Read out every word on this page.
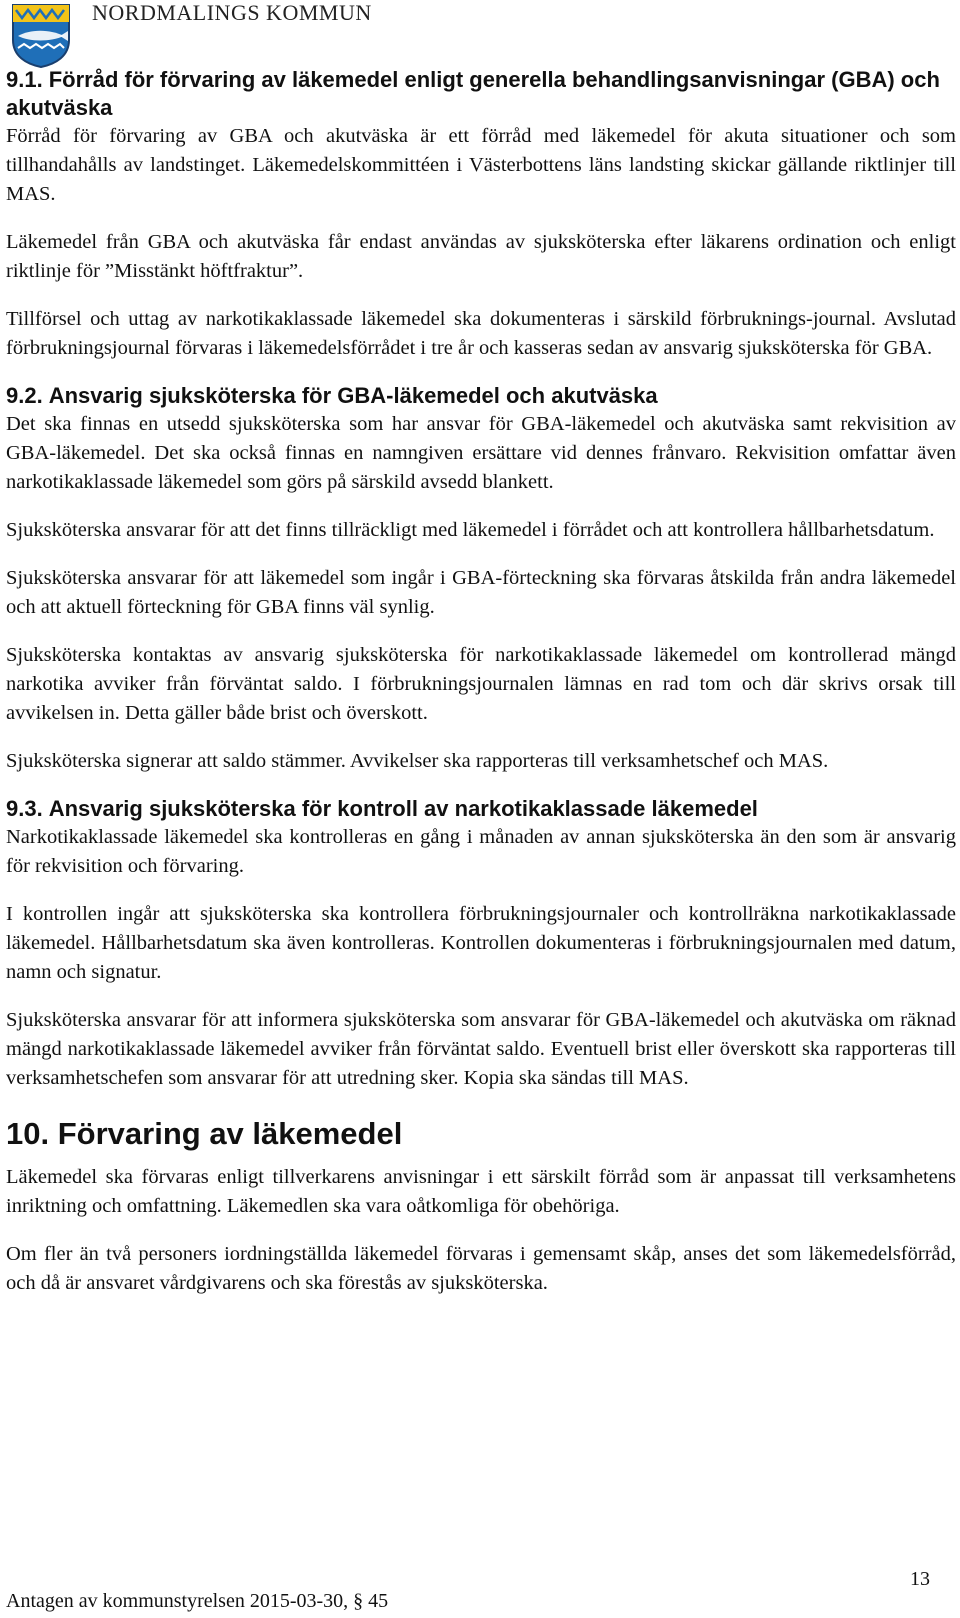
NORDMALINGS KOMMUN
9.1. Förråd för förvaring av läkemedel enligt generella behandlingsanvisningar (GBA) och akutväska

Förråd för förvaring av GBA och akutväska är ett förråd med läkemedel för akuta situationer och som tillhandahålls av landstinget. Läkemedelskommittéen i Västerbottens läns landsting skickar gällande riktlinjer till MAS.

Läkemedel från GBA och akutväska får endast användas av sjuksköterska efter läkarens ordination och enligt riktlinje för ”Misstänkt höftfraktur”.

Tillförsel och uttag av narkotikaklassade läkemedel ska dokumenteras i särskild förbruknings-journal. Avslutad förbrukningsjournal förvaras i läkemedelsförrådet i tre år och kasseras sedan av ansvarig sjuksköterska för GBA.

9.2. Ansvarig sjuksköterska för GBA-läkemedel och akutväska

Det ska finnas en utsedd sjuksköterska som har ansvar för GBA-läkemedel och akutväska samt rekvisition av GBA-läkemedel. Det ska också finnas en namngiven ersättare vid dennes frånvaro. Rekvisition omfattar även narkotikaklassade läkemedel som görs på särskild avsedd blankett.

Sjuksköterska ansvarar för att det finns tillräckligt med läkemedel i förrådet och att kontrollera hållbarhetsdatum.

Sjuksköterska ansvarar för att läkemedel som ingår i GBA-förteckning ska förvaras åtskilda från andra läkemedel och att aktuell förteckning för GBA finns väl synlig.

Sjuksköterska kontaktas av ansvarig sjuksköterska för narkotikaklassade läkemedel om kontrollerad mängd narkotika avviker från förväntat saldo. I förbrukningsjournalen lämnas en rad tom och där skrivs orsak till avvikelsen in. Detta gäller både brist och överskott.

Sjuksköterska signerar att saldo stämmer. Avvikelser ska rapporteras till verksamhetschef och MAS.

9.3. Ansvarig sjuksköterska för kontroll av narkotikaklassade läkemedel

Narkotikaklassade läkemedel ska kontrolleras en gång i månaden av annan sjuksköterska än den som är ansvarig för rekvisition och förvaring.

I kontrollen ingår att sjuksköterska ska kontrollera förbrukningsjournaler och kontrollräkna narkotikaklassade läkemedel. Hållbarhetsdatum ska även kontrolleras. Kontrollen dokumenteras i förbrukningsjournalen med datum, namn och signatur.

Sjuksköterska ansvarar för att informera sjuksköterska som ansvarar för GBA-läkemedel och akutväska om räknad mängd narkotikaklassade läkemedel avviker från förväntat saldo. Eventuell brist eller överskott ska rapporteras till verksamhetschefen som ansvarar för att utredning sker. Kopia ska sändas till MAS.

10. Förvaring av läkemedel

Läkemedel ska förvaras enligt tillverkarens anvisningar i ett särskilt förråd som är anpassat till verksamhetens inriktning och omfattning. Läkemedlen ska vara oåtkomliga för obehöriga.

Om fler än två personers iordningställda läkemedel förvaras i gemensamt skåp, anses det som läkemedelsförråd, och då är ansvaret vårdgivarens och ska förestås av sjuksköterska.

13
Antagen av kommunstyrelsen 2015-03-30, § 45
